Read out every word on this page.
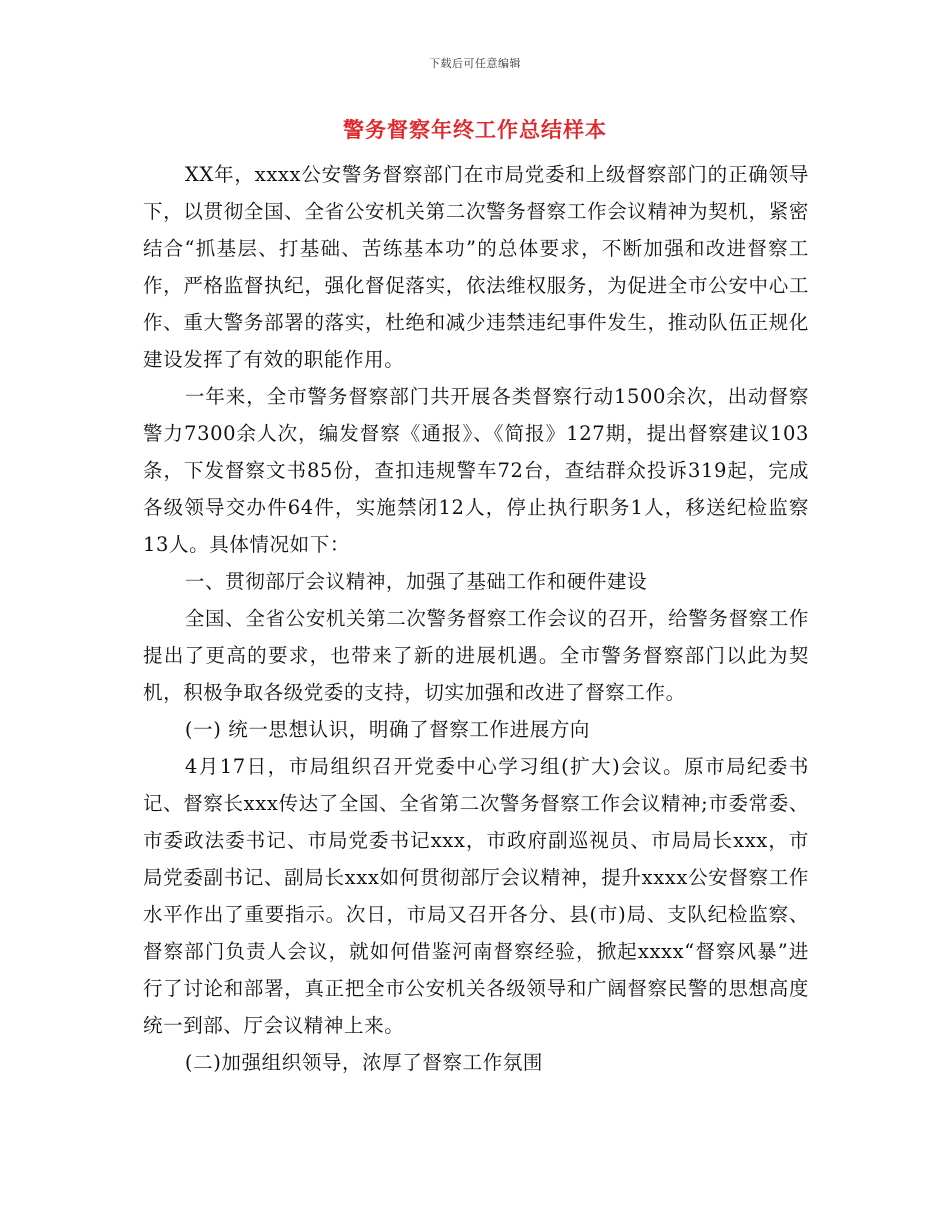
下载后可任意编辑
警务督察年终工作总结样本

XX年，xxxx公安警务督察部门在市局党委和上级督察部门的正确领导下，以贯彻全国、全省公安机关第二次警务督察工作会议精神为契机，紧密结合“抓基层、打基础、苦练基本功”的总体要求，不断加强和改进督察工作，严格监督执纪，强化督促落实，依法维权服务，为促进全市公安中心工作、重大警务部署的落实，杜绝和减少违禁违纪事件发生，推动队伍正规化建设发挥了有效的职能作用。

一年来，全市警务督察部门共开展各类督察行动1500余次，出动督察警力7300余人次，编发督察《通报》、《简报》127期，提出督察建议103条，下发督察文书85份，查扣违规警车72台，查结群众投诉319起，完成各级领导交办件64件，实施禁闭12人，停止执行职务1人，移送纪检监察13人。具体情况如下：

一、贯彻部厅会议精神，加强了基础工作和硬件建设

全国、全省公安机关第二次警务督察工作会议的召开，给警务督察工作提出了更高的要求，也带来了新的进展机遇。全市警务督察部门以此为契机，积极争取各级党委的支持，切实加强和改进了督察工作。

(一) 统一思想认识，明确了督察工作进展方向

4月17日，市局组织召开党委中心学习组(扩大)会议。原市局纪委书记、督察长xxx传达了全国、全省第二次警务督察工作会议精神;市委常委、市委政法委书记、市局党委书记xxx，市政府副巡视员、市局局长xxx，市局党委副书记、副局长xxx如何贯彻部厅会议精神，提升xxxx公安督察工作水平作出了重要指示。次日，市局又召开各分、县(市)局、支队纪检监察、督察部门负责人会议，就如何借鉴河南督察经验，掀起xxxx“督察风暴”进行了讨论和部署，真正把全市公安机关各级领导和广阔督察民警的思想高度统一到部、厅会议精神上来。

(二)加强组织领导，浓厚了督察工作氛围
